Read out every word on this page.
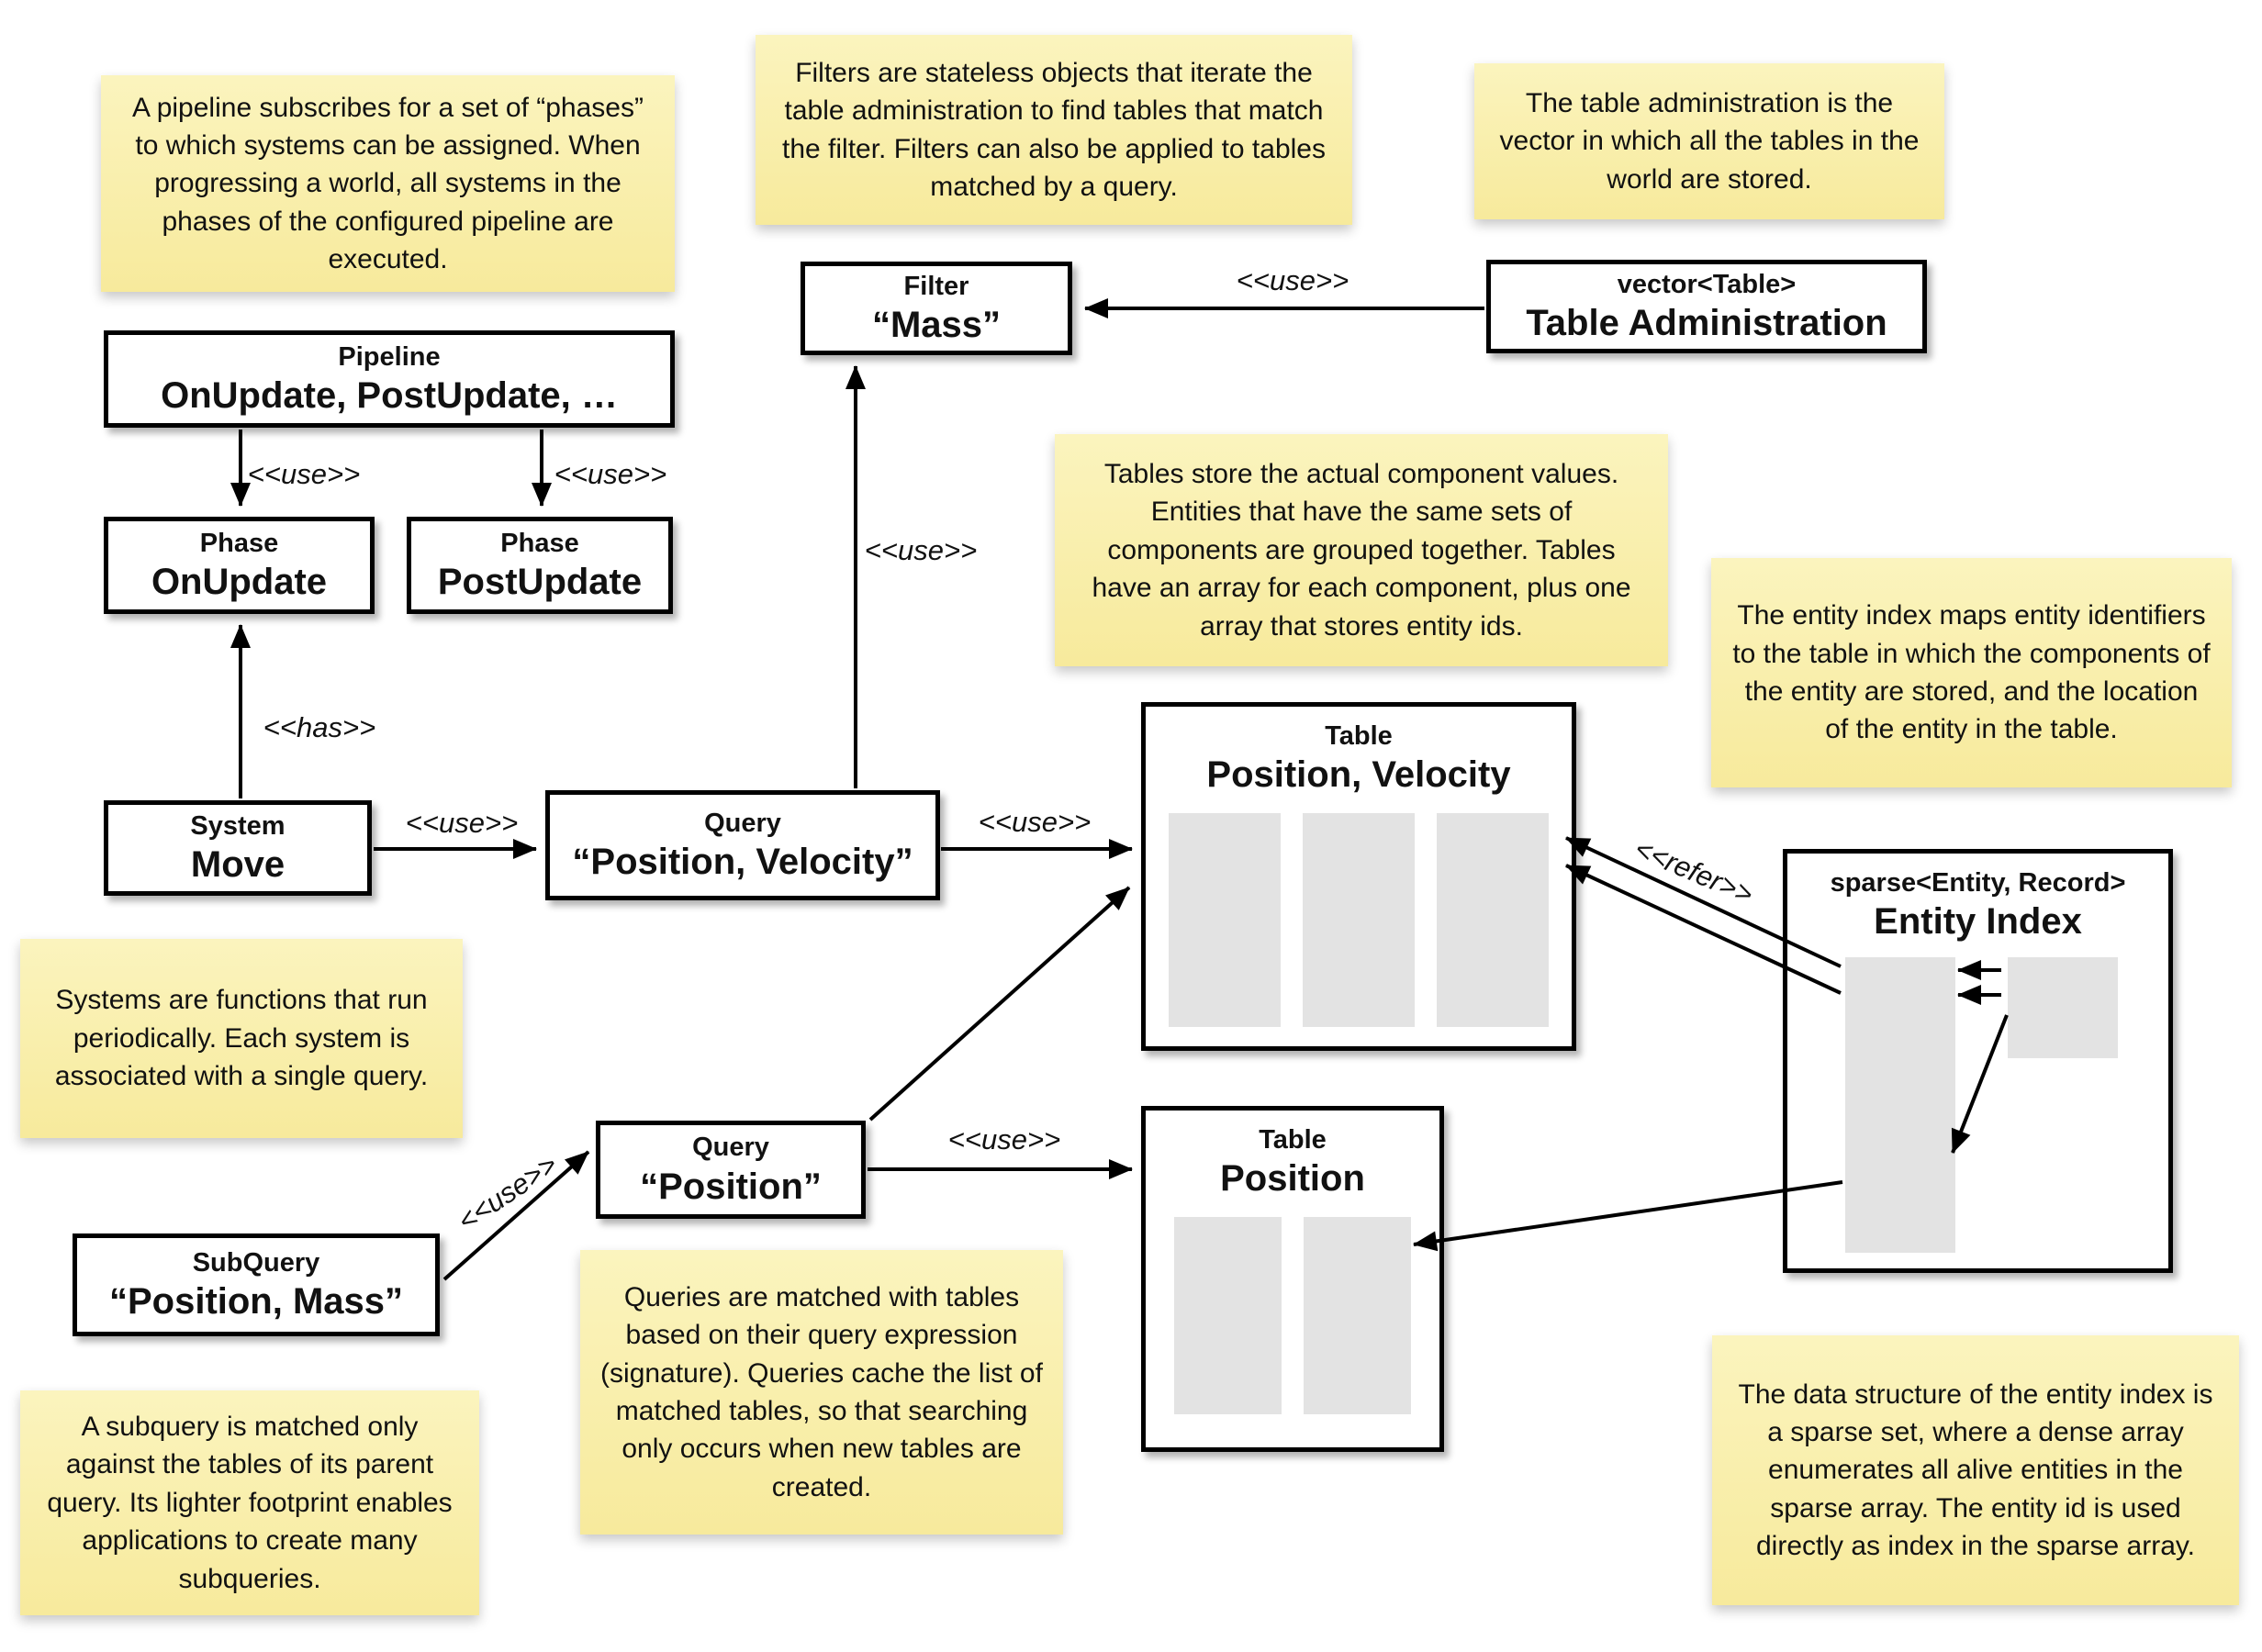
A pipeline subscribes for a set of “phases” to which systems can be assigned. When progressing a world, all systems in the phases of the configured pipeline are executed.
Filters are stateless objects that iterate the table administration to find tables that match the filter. Filters can also be applied to tables matched by a query.
The table administration is the vector in which all the tables in the world are stored.
Tables store the actual component values. Entities that have the same sets of components are grouped together. Tables have an array for each component, plus one array that stores entity ids.	The entity index maps entity identifiers to the table in which the components of the entity are stored, and the location of the entity in the table.
Systems are functions that run periodically. Each system is associated with a single query.
Queries are matched with tables based on their query expression (signature). Queries cache the list of matched tables, so that searching only occurs when new tables are created.
A subquery is matched only against the tables of its parent query. Its lighter footprint enables applications to create many subqueries.
The data structure of the entity index is a sparse set, where a dense array enumerates all alive entities in the sparse array. The entity id is used directly as index in the sparse array.
Pipeline
OnUpdate, PostUpdate, …
Phase
OnUpdate
Phase
PostUpdate
Filter
“Mass”
vector<Table>
Table Administration
System
Move
Query
“Position, Velocity”
Query
“Position”
SubQuery
“Position, Mass”
Table
Position, Velocity
Table
Position
sparse<Entity, Record>
Entity Index
<<use>>	<<use>>
<<has>>
<<use>>
<<use>>
<<use>>
<<use>>
<<use>>
<<use>>
<<refer>>
